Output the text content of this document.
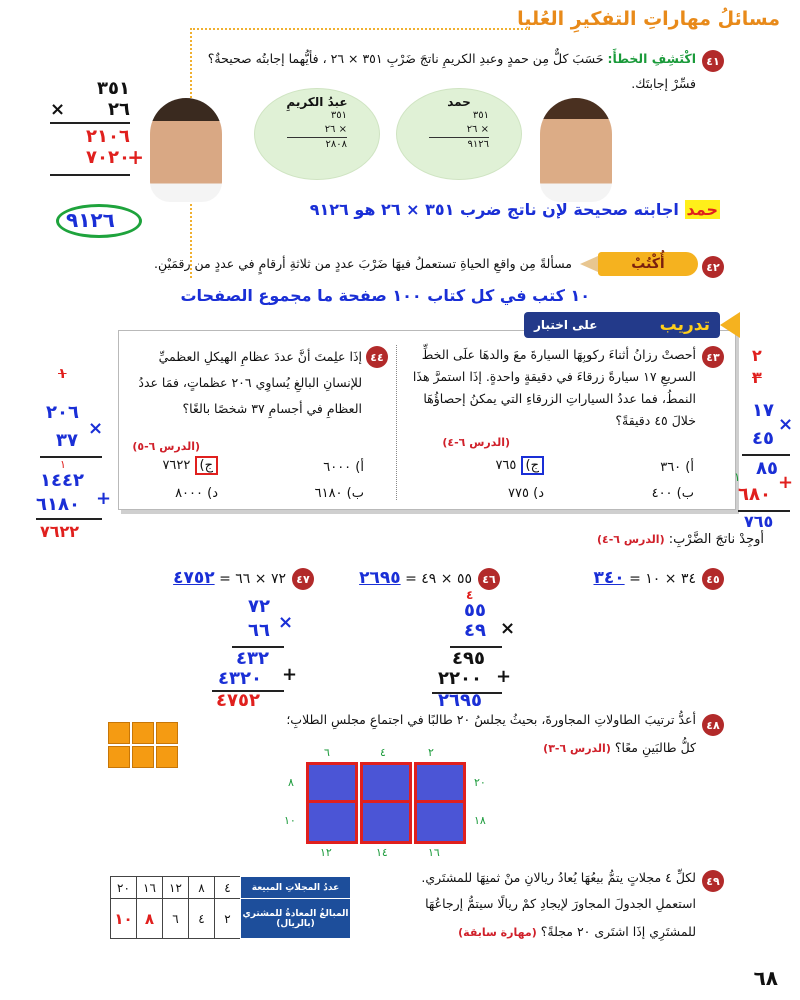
مسائلُ مهاراتِ التفكيرِ العُليا
٤١
اكْتَشِفِ الخطأَ: حَسَبَ كلٌّ مِن حمدٍ وعبدِ الكريمِ ناتجَ ضَرْبِ ٣٥١ × ٢٦ ، فأيُّهما إجابتُه صحيحةٌ؟
فسِّرْ إجابتَك.
٣٥١
× ٢٦
٢١٠٦
+
٧٠٢٠
٩١٢٦
عبدُ الكريمِ
٣٥١
٢٦ ×
٢٨٠٨
حمد
٣٥١
٢٦ ×
٩١٢٦
حمد اجابته صحيحة لإن ناتج ضرب ٣٥١ × ٢٦ هو ٩١٢٦
٤٢
أُكْتُبْ
مسألةً مِن واقعِ الحياةِ تستعملُ فيهَا ضَرْبَ عددٍ من ثلاثةِ أرقامٍ في عددٍ من رقمَيْنِ.
١٠ كتب في كل كتاب ١٠٠ صفحة ما مجموع الصفحات
تدريب
على اختبار
٤٣
أحصتْ رزانُ أثناءَ ركوبِهَا السيارةَ معَ والدهَا علَى الخطِّ السريعِ ١٧ سيارةً زرقاءَ في دقيقةٍ واحدةٍ. إذَا استمرَّ هذَا النمطُ، فما عددُ السياراتِ الزرقاءِ التي يمكنُ إحصاؤُهَا خلالَ ٤٥ دقيقةً؟
(الدرس ٦-٤)
أ) ٣٦٠
ب) ٤٠٠
ج) ٧٦٥
د) ٧٧٥
٤٤
إذَا علِمتَ أنَّ عددَ عظامِ الهيكلِ العظميِّ للإنسانِ البالغِ يُساوِي ٢٠٦ عظماتٍ، فمَا عددُ العظامِ في أجسامِ ٣٧ شخصًا بالغًا؟
(الدرس ٦-٥)
أ) ٦٠٠٠
ب) ٦١٨٠
ج) ٧٦٢٢
د) ٨٠٠٠
٢
٣
١٧
×
٤٥
١ ٨٥
+
٦٨٠
٧٦٥
١
٢٠٦
٣٧
×
١
١٤٤٢
٦١٨٠ +
٧٦٢٢	أوجِدْ ناتجَ الضَّرْبِ: (الدرس ٦-٤)
٤٥
٣٤ × ١٠ = ٣٤٠
٤٦
٥٥ × ٤٩ = ٢٦٩٥
٤٧
٧٢ × ٦٦ = ٤٧٥٢
٤
٥٥
٤٩ ×
٤٩٥
٢٢٠٠ +
٢٦٩٥
٧٢
٦٦ ×
٤٣٢
٤٣٢٠ +
٤٧٥٢
٤٨
أعدُّ ترتيبَ الطاولاتِ المجاورةَ، بحيثُ يجلسُ ٢٠ طالبًا في اجتماعِ مجلسِ الطلابِ؛
كلُّ طالبَينِ معًا؟ (الدرس ٦-٣)
٢
٤
٦
١٢	١٤	١٦
٢٠
١٨
٨
١٠
٤٩
لكلِّ ٤ مجلاتٍ يتمُّ بيعُهَا يُعادُ ريالانِ منْ ثمنِهَا للمشتَري.
استعملِ الجدولَ المجاورَ لإيجادِ كمْ ريالًا سيتمُّ إرجاعُهَا
للمشتَرِي إذَا اشتَرى ٢٠ مجلةً؟ (مهارة سابقة)
عددُ المجلاتِ المبيعة	٤	٨	١٢	١٦	٢٠
المبالغُ المعادةُ للمشتري (بالريال)	٢	٤	٦	٨	١٠
٦٨
